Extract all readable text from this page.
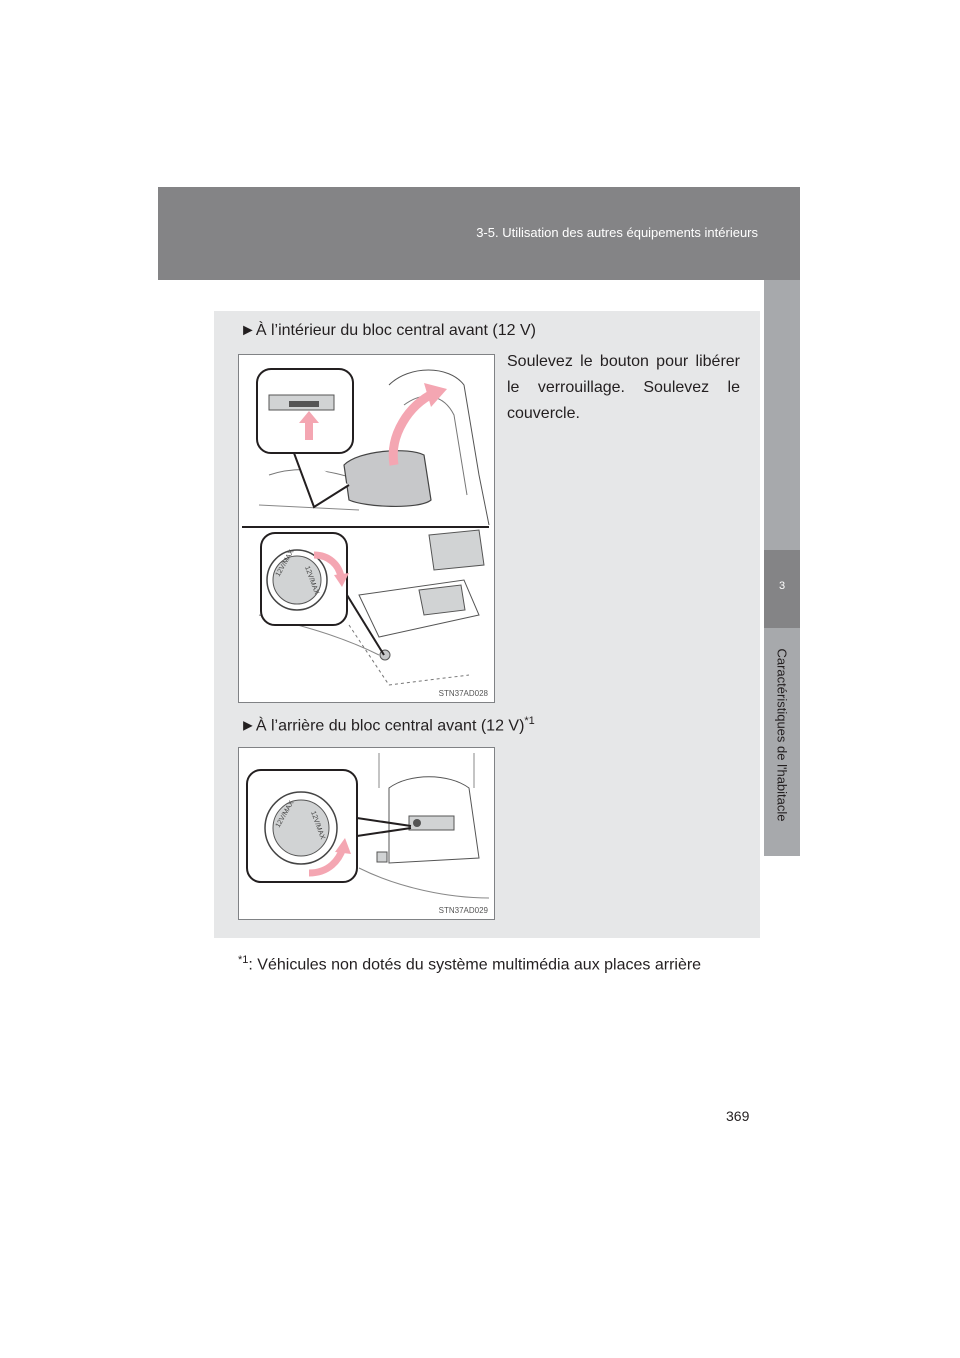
3-5. Utilisation des autres équipements intérieurs
3
Caractéristiques de l'habitacle
►À l’intérieur du bloc central avant (12 V)
Soulevez le bouton pour libérer le verrouillage. Soulevez le couvercle.
12V/MAX
12V/MAX
STN37AD028
►À l’arrière du bloc central avant (12 V)$^{*1}$
12V/MAX 12V/MAX
STN37AD029
$^{*1}$: Véhicules non dotés du système multimédia aux places arrière
369
